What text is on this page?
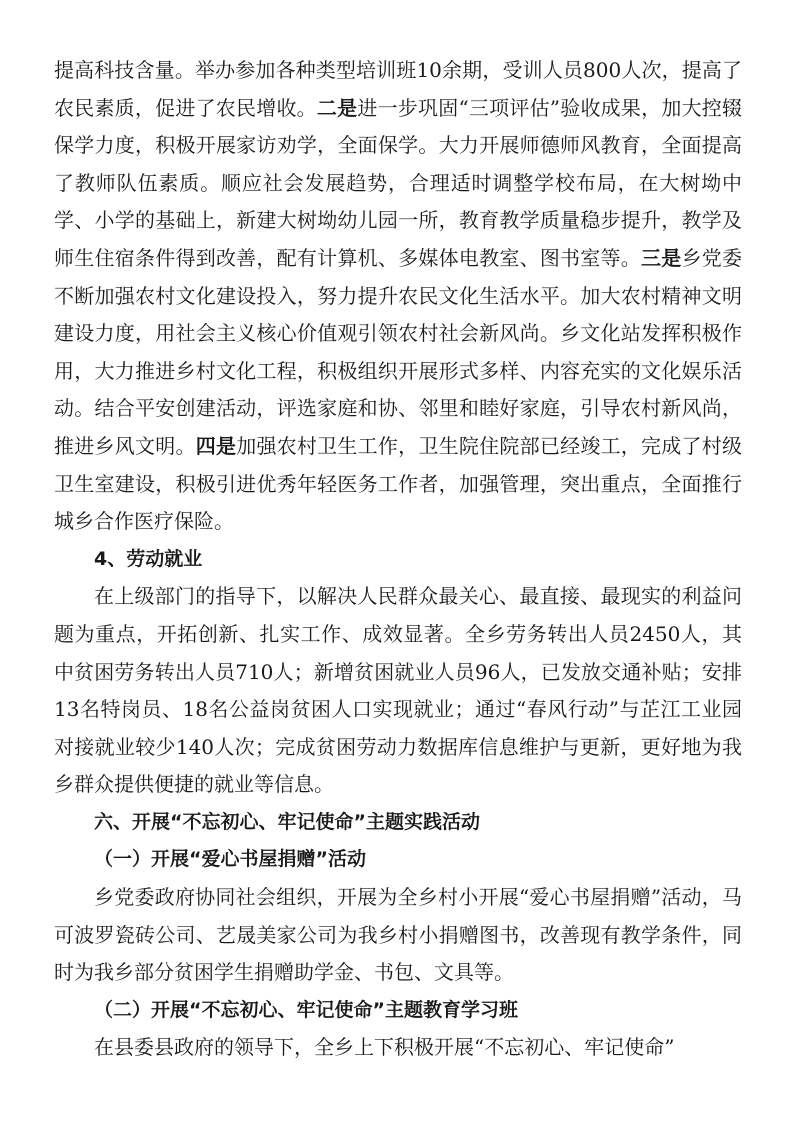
提高科技含量。举办参加各种类型培训班10余期，受训人员800人次，提高了农民素质，促进了农民增收。二是进一步巩固“三项评估”验收成果，加大控辍保学力度，积极开展家访劝学，全面保学。大力开展师德师风教育，全面提高了教师队伍素质。顺应社会发展趋势，合理适时调整学校布局，在大树坳中学、小学的基础上，新建大树坳幼儿园一所，教育教学质量稳步提升，教学及师生住宿条件得到改善，配有计算机、多媒体电教室、图书室等。三是乡党委不断加强农村文化建设投入，努力提升农民文化生活水平。加大农村精神文明建设力度，用社会主义核心价值观引领农村社会新风尚。乡文化站发挥积极作用，大力推进乡村文化工程，积极组织开展形式多样、内容充实的文化娱乐活动。结合平安创建活动，评选家庭和协、邻里和睦好家庭，引导农村新风尚，推进乡风文明。四是加强农村卫生工作，卫生院住院部已经竣工，完成了村级卫生室建设，积极引进优秀年轻医务工作者，加强管理，突出重点，全面推行城乡合作医疗保险。

4、劳动就业

在上级部门的指导下，以解决人民群众最关心、最直接、最现实的利益问题为重点，开拓创新、扎实工作、成效显著。全乡劳务转出人员2450人，其中贫困劳务转出人员710人；新增贫困就业人员96人，已发放交通补贴；安排13名特岗员、18名公益岗贫困人口实现就业；通过“春风行动”与芷江工业园对接就业较少140人次；完成贫困劳动力数据库信息维护与更新，更好地为我乡群众提供便捷的就业等信息。

六、开展“不忘初心、牢记使命”主题实践活动

（一）开展“爱心书屋捐赠”活动

乡党委政府协同社会组织，开展为全乡村小开展“爱心书屋捐赠”活动，马可波罗瓷砖公司、艺晟美家公司为我乡村小捐赠图书，改善现有教学条件，同时为我乡部分贫困学生捐赠助学金、书包、文具等。

（二）开展“不忘初心、牢记使命”主题教育学习班

在县委县政府的领导下，全乡上下积极开展“不忘初心、牢记使命”
